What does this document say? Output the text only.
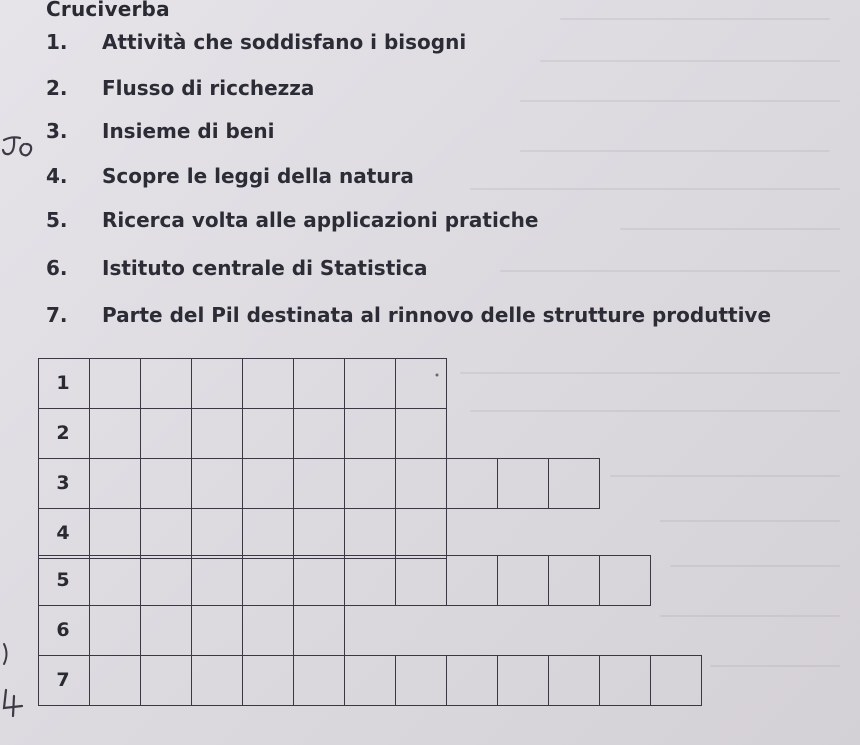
Cruciverba
1. Attività che soddisfano i bisogni
2. Flusso di ricchezza
3. Insieme di beni
4. Scopre le leggi della natura
5. Ricerca volta alle applicazioni pratiche
6. Istituto centrale di Statistica
7. Parte del Pil destinata al rinnovo delle strutture produttive
1
2
3
4
5
6
7
